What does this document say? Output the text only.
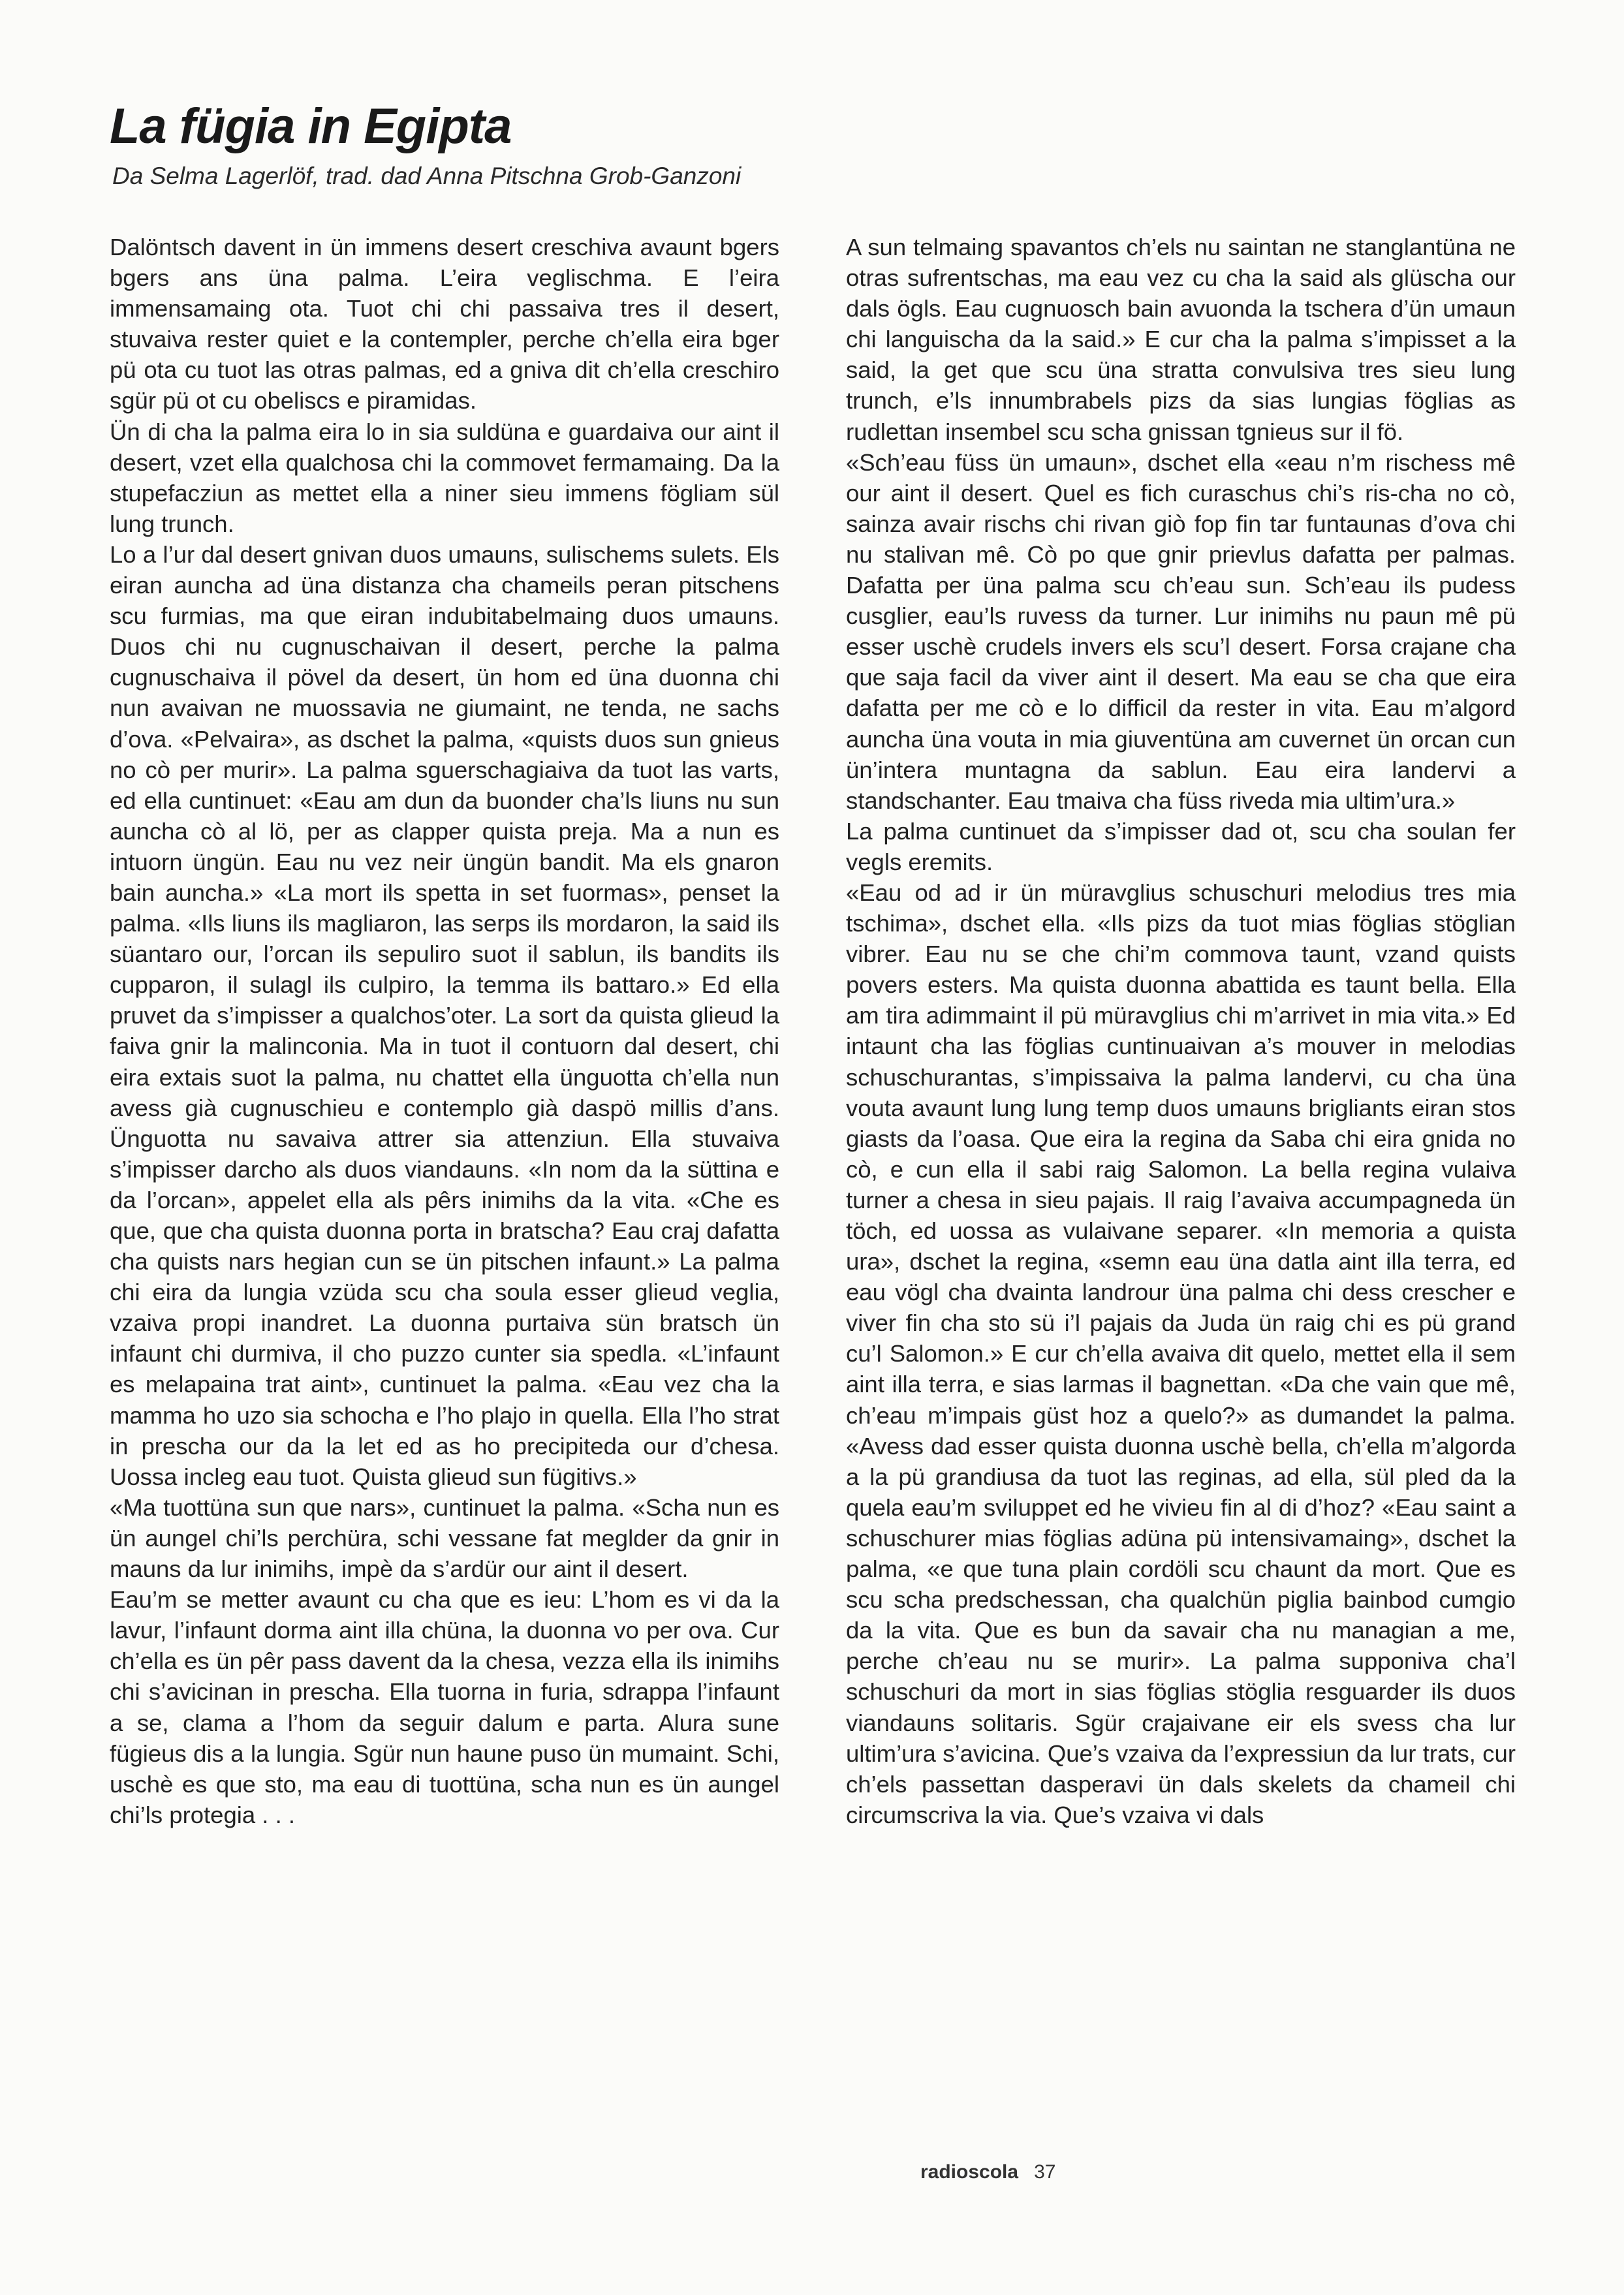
La fügia in Egipta

Da Selma Lagerlöf, trad. dad Anna Pitschna Grob-Ganzoni

Dalöntsch davent in ün immens desert creschiva avaunt bgers bgers ans üna palma. L’eira veglischma. E l’eira immensamaing ota. Tuot chi chi passaiva tres il desert, stuvaiva rester quiet e la contempler, perche ch’ella eira bger pü ota cu tuot las otras palmas, ed a gniva dit ch’ella creschiro sgür pü ot cu obeliscs e piramidas.

Ün di cha la palma eira lo in sia suldüna e guardaiva our aint il desert, vzet ella qualchosa chi la commovet fermamaing. Da la stupefacziun as mettet ella a niner sieu immens fögliam sül lung trunch.

Lo a l’ur dal desert gnivan duos umauns, sulischems sulets. Els eiran auncha ad üna distanza cha chameils peran pitschens scu furmias, ma que eiran indubitabelmaing duos umauns. Duos chi nu cugnuschaivan il desert, perche la palma cugnuschaiva il pövel da desert, ün hom ed üna duonna chi nun avaivan ne muossavia ne giumaint, ne tenda, ne sachs d’ova. «Pelvaira», as dschet la palma, «quists duos sun gnieus no cò per murir». La palma sguerschagiaiva da tuot las varts, ed ella cuntinuet: «Eau am dun da buonder cha’ls liuns nu sun auncha cò al lö, per as clapper quista preja. Ma a nun es intuorn üngün. Eau nu vez neir üngün bandit. Ma els gnaron bain auncha.» «La mort ils spetta in set fuormas», penset la palma. «Ils liuns ils magliaron, las serps ils mordaron, la said ils süantaro our, l’orcan ils sepuliro suot il sablun, ils bandits ils cupparon, il sulagl ils culpiro, la temma ils battaro.» Ed ella pruvet da s’impisser a qualchos’oter. La sort da quista glieud la faiva gnir la malinconia. Ma in tuot il contuorn dal desert, chi eira extais suot la palma, nu chattet ella ünguotta ch’ella nun avess già cugnuschieu e contemplo già daspö millis d’ans. Ünguotta nu savaiva attrer sia attenziun. Ella stuvaiva s’impisser darcho als duos viandauns. «In nom da la süttina e da l’orcan», appelet ella als pêrs inimihs da la vita. «Che es que, que cha quista duonna porta in bratscha? Eau craj dafatta cha quists nars hegian cun se ün pitschen infaunt.» La palma chi eira da lungia vzüda scu cha soula esser glieud veglia, vzaiva propi inandret. La duonna purtaiva sün bratsch ün infaunt chi durmiva, il cho puzzo cunter sia spedla. «L’infaunt es melapaina trat aint», cuntinuet la palma. «Eau vez cha la mamma ho uzo sia schocha e l’ho plajo in quella. Ella l’ho strat in prescha our da la let ed as ho precipiteda our d’chesa. Uossa incleg eau tuot. Quista glieud sun fügitivs.»

«Ma tuottüna sun que nars», cuntinuet la palma. «Scha nun es ün aungel chi’ls perchüra, schi vessane fat meglder da gnir in mauns da lur inimihs, impè da s’ardür our aint il desert.

Eau’m se metter avaunt cu cha que es ieu: L’hom es vi da la lavur, l’infaunt dorma aint illa chüna, la duonna vo per ova. Cur ch’ella es ün pêr pass davent da la chesa, vezza ella ils inimihs chi s’avicinan in prescha. Ella tuorna in furia, sdrappa l’infaunt a se, clama a l’hom da seguir dalum e parta. Alura sune fügieus dis a la lungia. Sgür nun haune puso ün mumaint. Schi, uschè es que sto, ma eau di tuottüna, scha nun es ün aungel chi’ls protegia . . .

A sun telmaing spavantos ch’els nu saintan ne stanglantüna ne otras sufrentschas, ma eau vez cu cha la said als glüscha our dals ögls. Eau cugnuosch bain avuonda la tschera d’ün umaun chi languischa da la said.» E cur cha la palma s’impisset a la said, la get que scu üna stratta convulsiva tres sieu lung trunch, e’ls innumbrabels pizs da sias lungias föglias as rudlettan insembel scu scha gnissan tgnieus sur il fö.

«Sch’eau füss ün umaun», dschet ella «eau n’m rischess mê our aint il desert. Quel es fich curaschus chi’s ris-cha no cò, sainza avair rischs chi rivan giò fop fin tar funtaunas d’ova chi nu stalivan mê. Cò po que gnir prievlus dafatta per palmas. Dafatta per üna palma scu ch’eau sun. Sch’eau ils pudess cusglier, eau’ls ruvess da turner. Lur inimihs nu paun mê pü esser uschè crudels invers els scu’l desert. Forsa crajane cha que saja facil da viver aint il desert. Ma eau se cha que eira dafatta per me cò e lo difficil da rester in vita. Eau m’algord auncha üna vouta in mia giuventüna am cuvernet ün orcan cun ün’intera muntagna da sablun. Eau eira landervi a standschanter. Eau tmaiva cha füss riveda mia ultim’ura.»

La palma cuntinuet da s’impisser dad ot, scu cha soulan fer vegls eremits.

«Eau od ad ir ün müravglius schuschuri melodius tres mia tschima», dschet ella. «Ils pizs da tuot mias föglias stöglian vibrer. Eau nu se che chi’m commova taunt, vzand quists povers esters. Ma quista duonna abattida es taunt bella. Ella am tira adimmaint il pü müravglius chi m’arrivet in mia vita.» Ed intaunt cha las föglias cuntinuaivan a’s mouver in melodias schuschurantas, s’impissaiva la palma landervi, cu cha üna vouta avaunt lung lung temp duos umauns brigliants eiran stos giasts da l’oasa. Que eira la regina da Saba chi eira gnida no cò, e cun ella il sabi raig Salomon. La bella regina vulaiva turner a chesa in sieu pajais. Il raig l’avaiva accumpagneda ün töch, ed uossa as vulaivane separer. «In memoria a quista ura», dschet la regina, «semn eau üna datla aint illa terra, ed eau vögl cha dvainta landrour üna palma chi dess crescher e viver fin cha sto sü i’l pajais da Juda ün raig chi es pü grand cu’l Salomon.» E cur ch’ella avaiva dit quelo, mettet ella il sem aint illa terra, e sias larmas il bagnettan. «Da che vain que mê, ch’eau m’impais güst hoz a quelo?» as dumandet la palma. «Avess dad esser quista duonna uschè bella, ch’ella m’algorda a la pü grandiusa da tuot las reginas, ad ella, sül pled da la quela eau’m sviluppet ed he vivieu fin al di d’hoz? «Eau saint a schuschurer mias föglias adüna pü intensivamaing», dschet la palma, «e que tuna plain cordöli scu chaunt da mort. Que es scu scha predschessan, cha qualchün piglia bainbod cumgio da la vita. Que es bun da savair cha nu managian a me, perche ch’eau nu se murir». La palma supponiva cha’l schuschuri da mort in sias föglias stöglia resguarder ils duos viandauns solitaris. Sgür crajaivane eir els svess cha lur ultim’ura s’avicina. Que’s vzaiva da l’expressiun da lur trats, cur ch’els passettan dasperavi ün dals skelets da chameil chi circumscriva la via. Que’s vzaiva vi dals

radioscola 37
